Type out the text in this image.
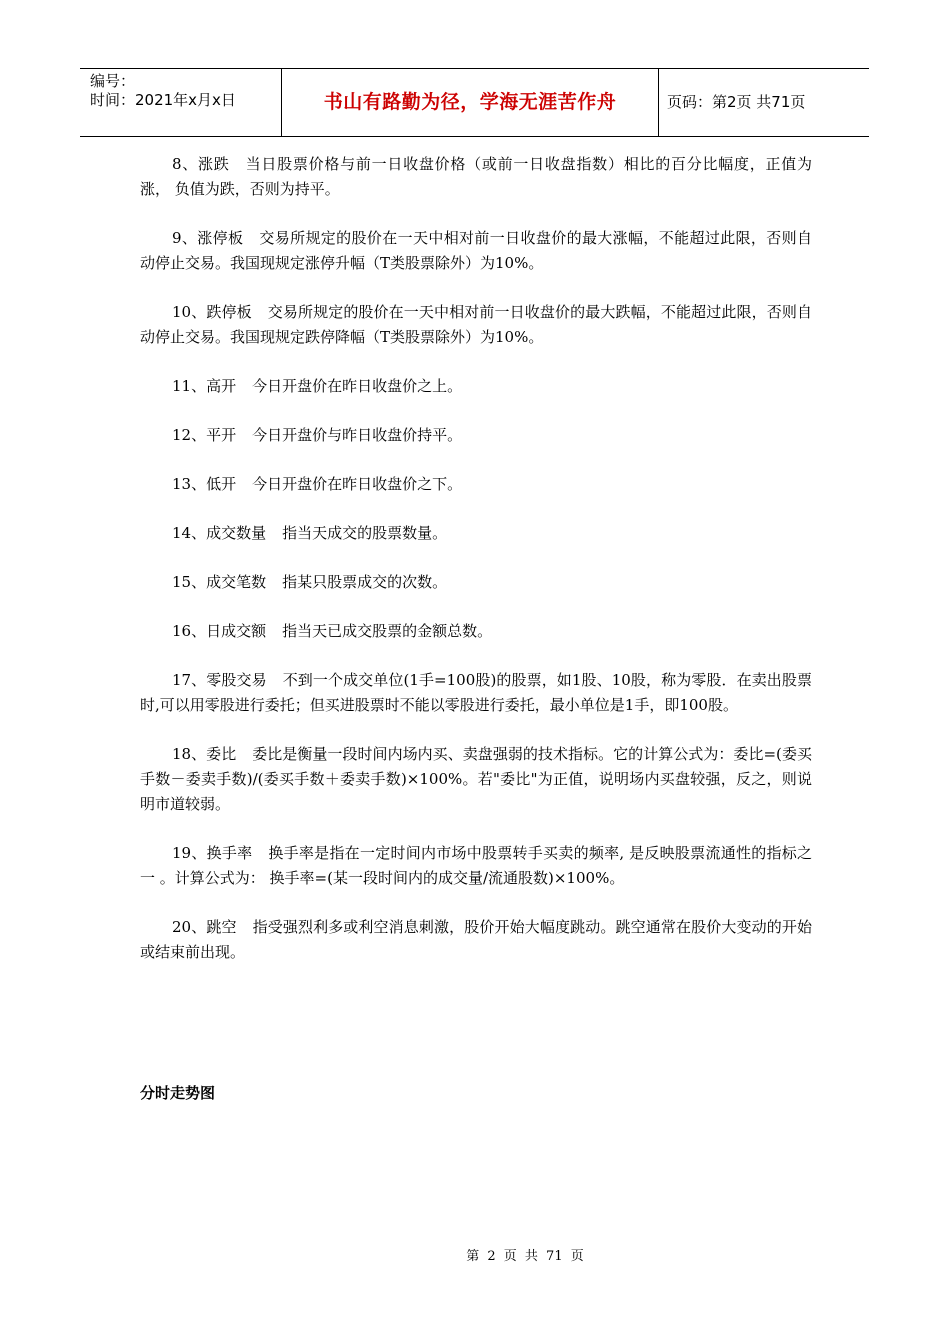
编号：
时间：2021年x月x日	书山有路勤为径，学海无涯苦作舟	页码：第2页 共71页

8、涨跌 当日股票价格与前一日收盘价格（或前一日收盘指数）相比的百分比幅度，正值为涨， 负值为跌，否则为持平。

9、涨停板 交易所规定的股价在一天中相对前一日收盘价的最大涨幅，不能超过此限，否则自动停止交易。我国现规定涨停升幅（T类股票除外）为10%。

10、跌停板 交易所规定的股价在一天中相对前一日收盘价的最大跌幅，不能超过此限，否则自动停止交易。我国现规定跌停降幅（T类股票除外）为10%。

11、高开 今日开盘价在昨日收盘价之上。

12、平开 今日开盘价与昨日收盘价持平。

13、低开 今日开盘价在昨日收盘价之下。

14、成交数量 指当天成交的股票数量。

15、成交笔数 指某只股票成交的次数。

16、日成交额 指当天已成交股票的金额总数。

17、零股交易 不到一个成交单位(1手=100股)的股票，如1股、10股，称为零股．在卖出股票时,可以用零股进行委托；但买进股票时不能以零股进行委托，最小单位是1手，即100股。

18、委比 委比是衡量一段时间内场内买、卖盘强弱的技术指标。它的计算公式为：委比=(委买手数－委卖手数)/(委买手数＋委卖手数)×100%。若"委比"为正值，说明场内买盘较强，反之，则说明市道较弱。

19、换手率 换手率是指在一定时间内市场中股票转手买卖的频率, 是反映股票流通性的指标之一 。计算公式为： 换手率=(某一段时间内的成交量/流通股数)×100%。

20、跳空 指受强烈利多或利空消息刺激，股价开始大幅度跳动。跳空通常在股价大变动的开始或结束前出现。

分时走势图
第 2 页 共 71 页
